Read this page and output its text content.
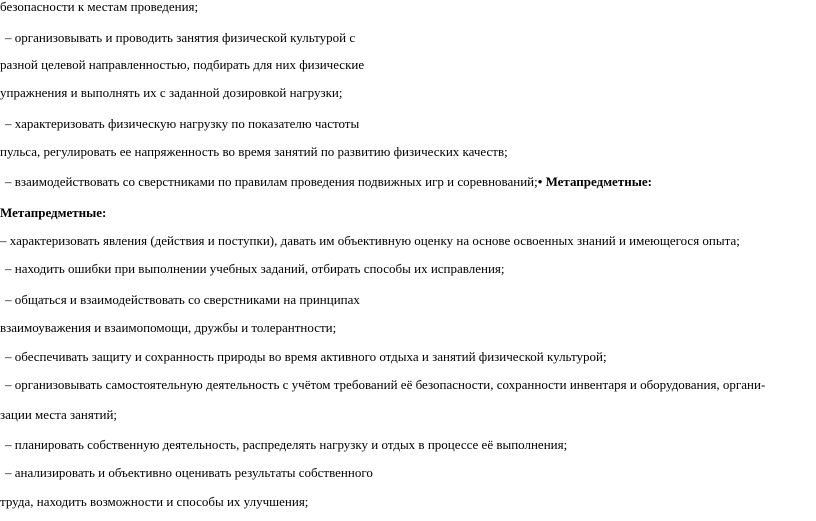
безопасности к местам проведения;
– организовывать и проводить занятия физической культурой с
разной целевой направленностью, подбирать для них физические
упражнения и выполнять их с заданной дозировкой нагрузки;
– характеризовать физическую нагрузку по показателю частоты
пульса, регулировать ее напряженность во время занятий по развитию физических качеств;
– взаимодействовать со сверстниками по правилам проведения подвижных игр и соревнований;• Метапредметные:
Метапредметные:
– характеризовать явления (действия и поступки), давать им объективную оценку на основе освоенных знаний и имеющегося опыта;
– находить ошибки при выполнении учебных заданий, отбирать способы их исправления;
– общаться и взаимодействовать со сверстниками на принципах
взаимоуважения и взаимопомощи, дружбы и толерантности;
– обеспечивать защиту и сохранность природы во время активного отдыха и занятий физической культурой;
– организовывать самостоятельную деятельность с учётом требований её безопасности, сохранности инвентаря и оборудования, органи-
зации места занятий;
– планировать собственную деятельность, распределять нагрузку и отдых в процессе её выполнения;
– анализировать и объективно оценивать результаты собственного
труда, находить возможности и способы их улучшения;
